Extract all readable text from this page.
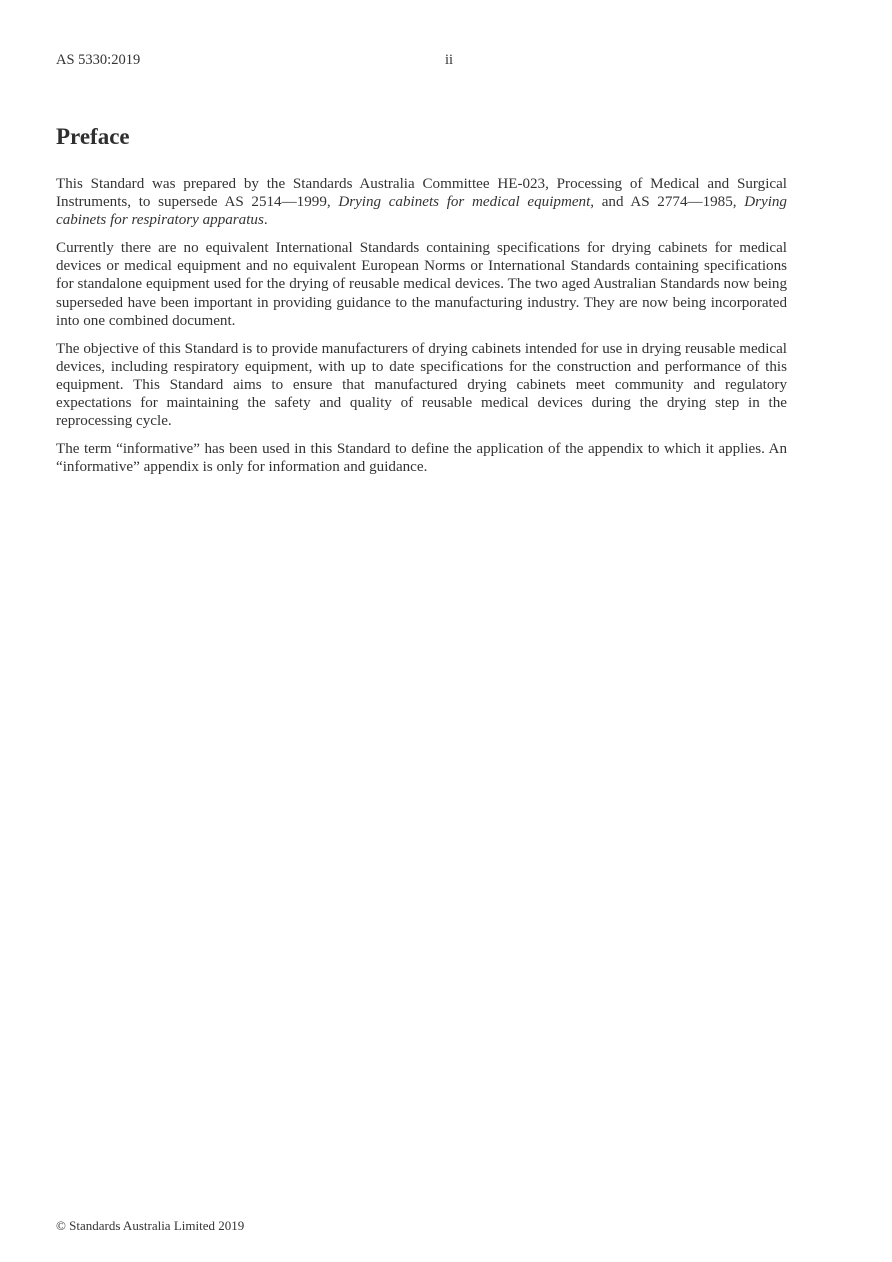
AS 5330:2019	ii
Preface

This Standard was prepared by the Standards Australia Committee HE-023, Processing of Medical and Surgical Instruments, to supersede AS 2514—1999, Drying cabinets for medical equipment, and AS 2774—1985, Drying cabinets for respiratory apparatus.

Currently there are no equivalent International Standards containing specifications for drying cabinets for medical devices or medical equipment and no equivalent European Norms or International Standards containing specifications for standalone equipment used for the drying of reusable medical devices. The two aged Australian Standards now being superseded have been important in providing guidance to the manufacturing industry. They are now being incorporated into one combined document.

The objective of this Standard is to provide manufacturers of drying cabinets intended for use in drying reusable medical devices, including respiratory equipment, with up to date specifications for the construction and performance of this equipment. This Standard aims to ensure that manufactured drying cabinets meet community and regulatory expectations for maintaining the safety and quality of reusable medical devices during the drying step in the reprocessing cycle.

The term “informative” has been used in this Standard to define the application of the appendix to which it applies. An “informative” appendix is only for information and guidance.

© Standards Australia Limited 2019
